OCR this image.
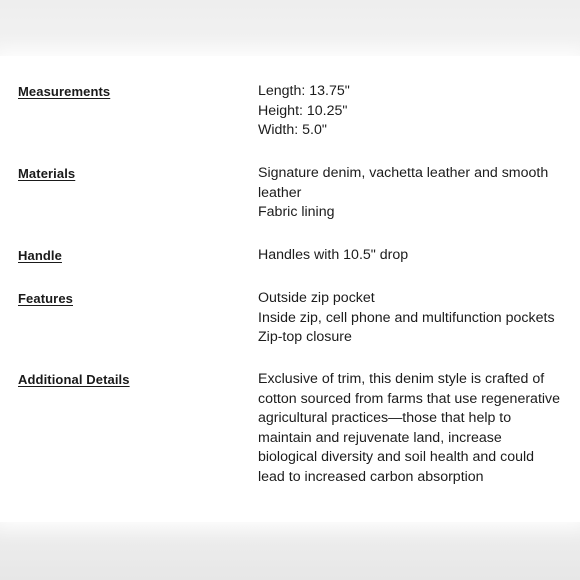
Measurements	Length: 13.75"
Height: 10.25"
Width: 5.0"
Materials	Signature denim, vachetta leather and smooth
leather
Fabric lining
Handle	Handles with 10.5" drop
Features	Outside zip pocket
Inside zip, cell phone and multifunction pockets
Zip-top closure
Additional Details	Exclusive of trim, this denim style is crafted of cotton sourced from farms that use regenerative agricultural practices—those that help to maintain and rejuvenate land, increase biological diversity and soil health and could lead to increased carbon absorption
